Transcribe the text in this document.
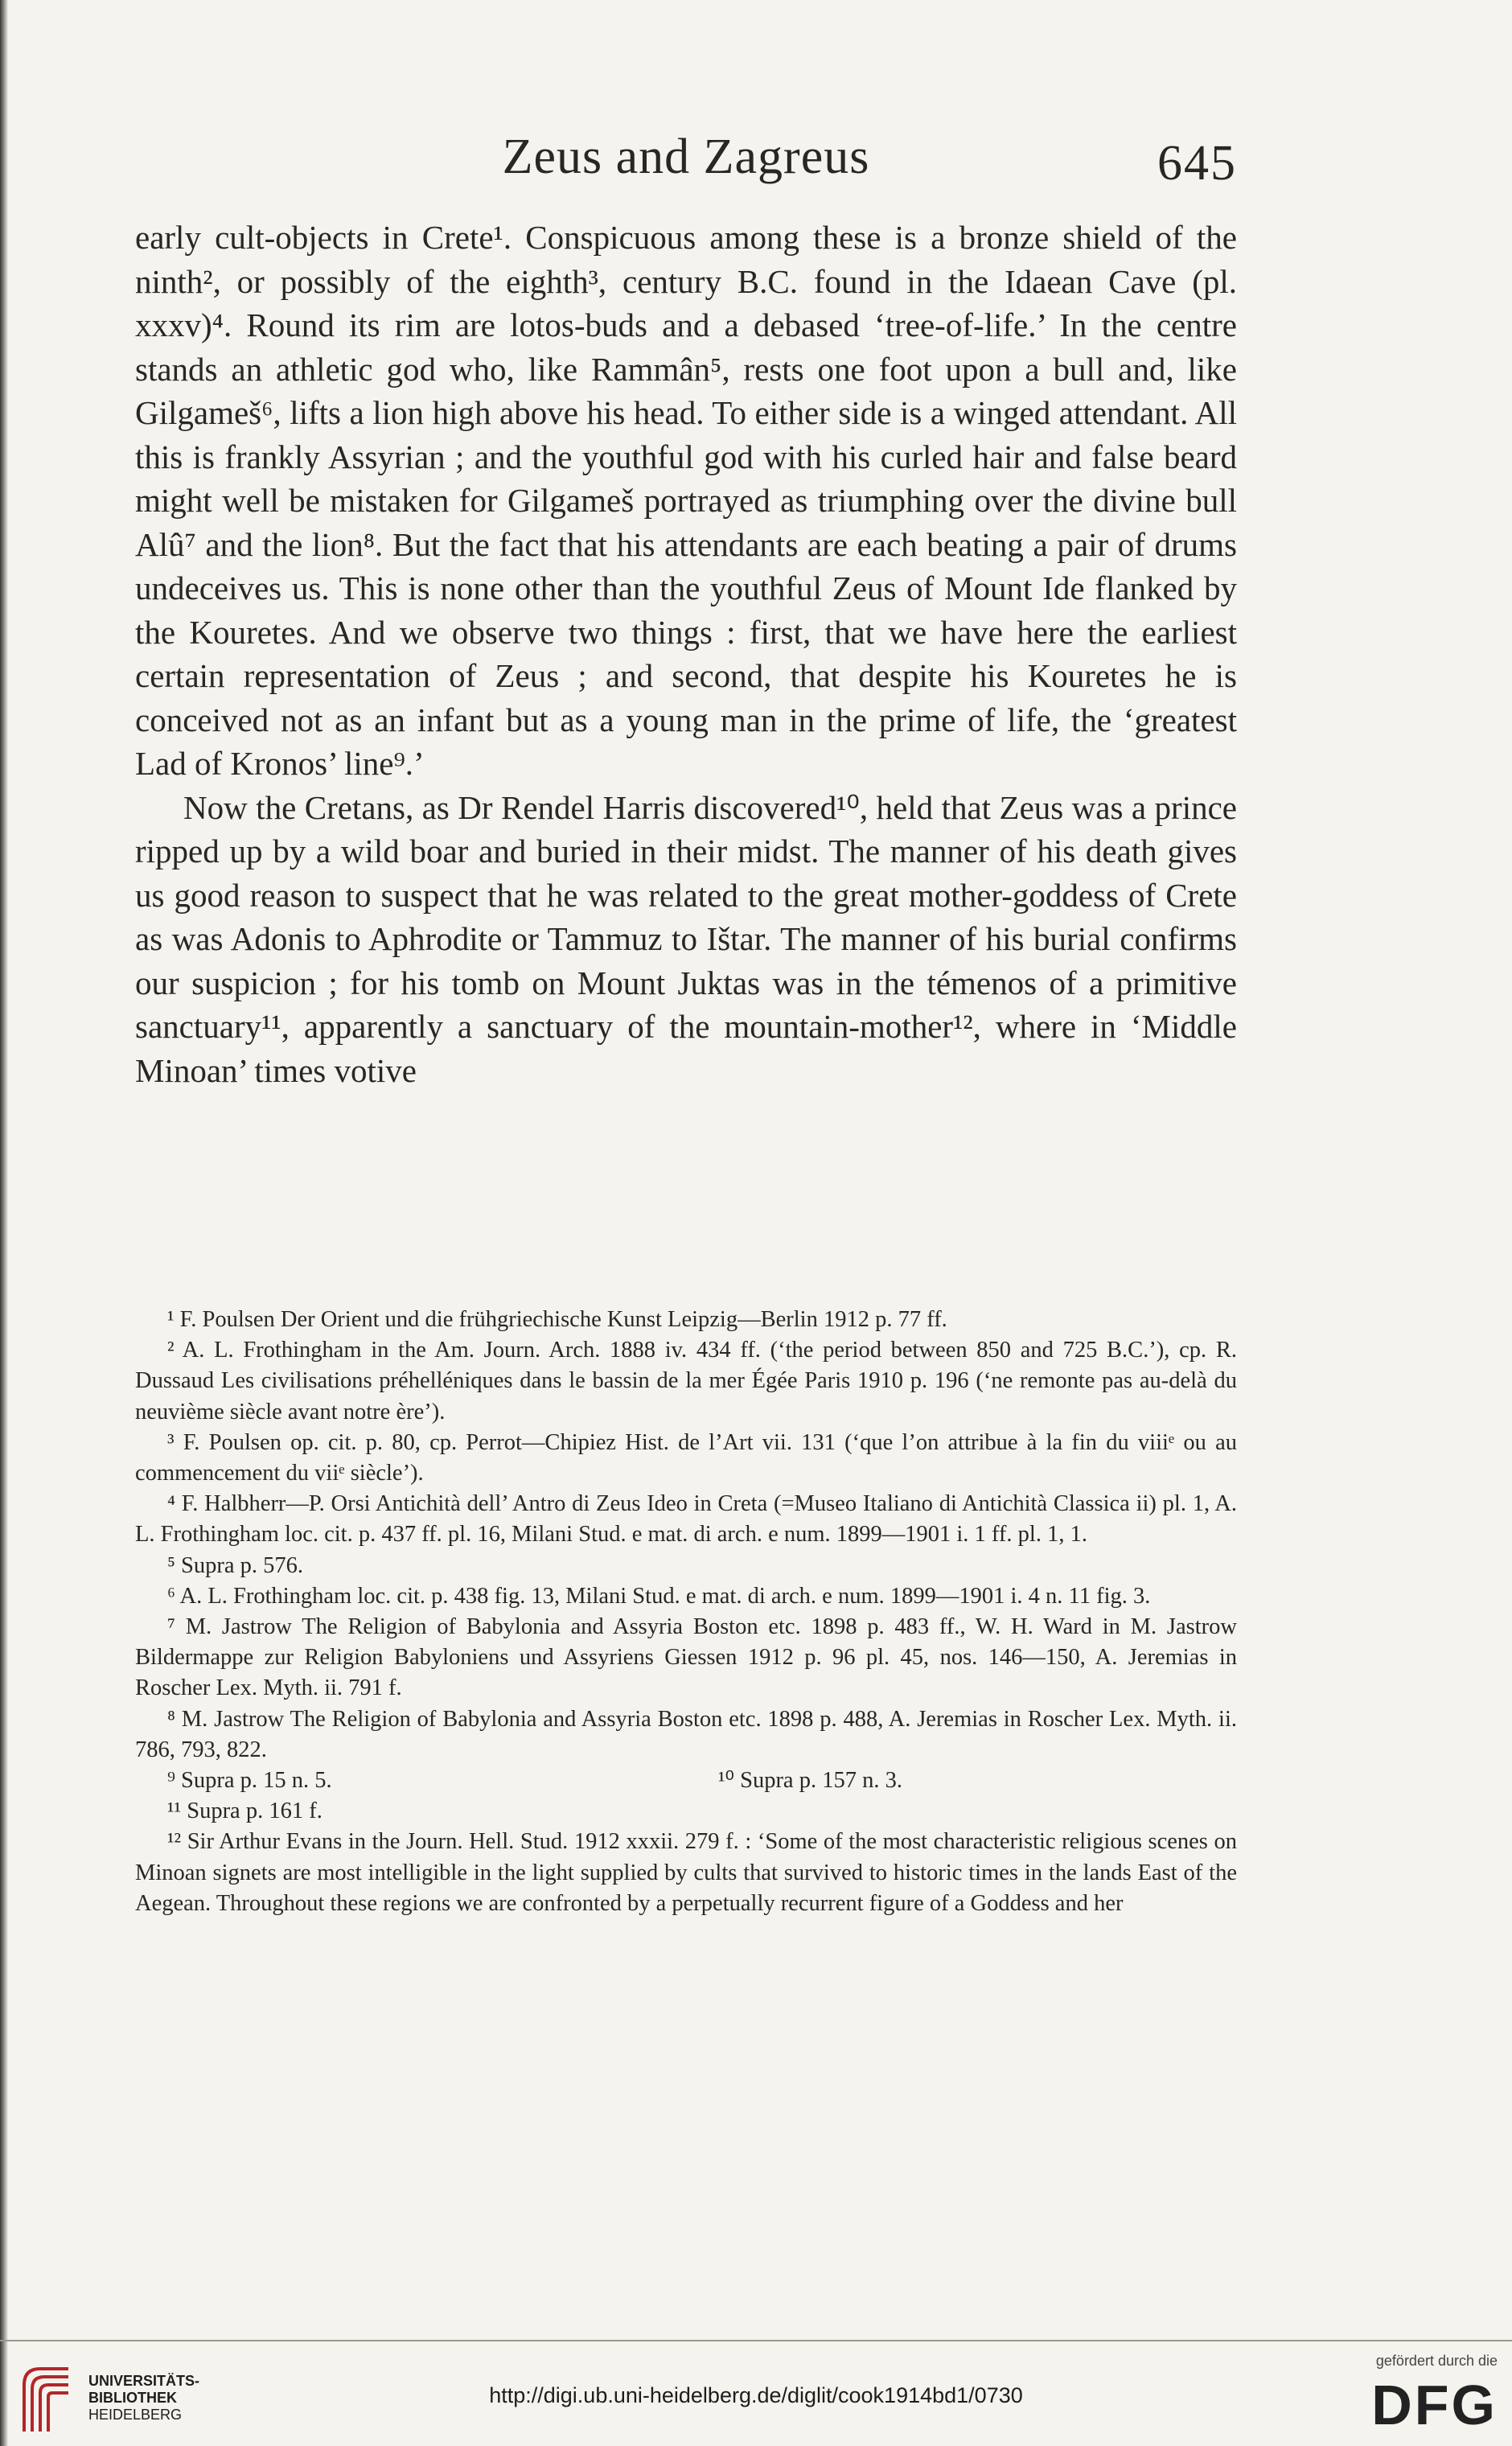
Zeus and Zagreus	645

early cult-objects in Crete¹. Conspicuous among these is a bronze shield of the ninth², or possibly of the eighth³, century B.C. found in the Idaean Cave (pl. xxxv)⁴. Round its rim are lotos-buds and a debased ‘tree-of-life.’ In the centre stands an athletic god who, like Rammân⁵, rests one foot upon a bull and, like Gilgameš⁶, lifts a lion high above his head. To either side is a winged attendant. All this is frankly Assyrian ; and the youthful god with his curled hair and false beard might well be mistaken for Gilgameš portrayed as triumphing over the divine bull Alû⁷ and the lion⁸. But the fact that his attendants are each beating a pair of drums undeceives us. This is none other than the youthful Zeus of Mount Ide flanked by the Kouretes. And we observe two things : first, that we have here the earliest certain representation of Zeus ; and second, that despite his Kouretes he is conceived not as an infant but as a young man in the prime of life, the ‘greatest Lad of Kronos’ line⁹.’

Now the Cretans, as Dr Rendel Harris discovered¹⁰, held that Zeus was a prince ripped up by a wild boar and buried in their midst. The manner of his death gives us good reason to suspect that he was related to the great mother-goddess of Crete as was Adonis to Aphrodite or Tammuz to Ištar. The manner of his burial confirms our suspicion ; for his tomb on Mount Juktas was in the témenos of a primitive sanctuary¹¹, apparently a sanctuary of the mountain-mother¹², where in ‘Middle Minoan’ times votive

¹ F. Poulsen Der Orient und die frühgriechische Kunst Leipzig—Berlin 1912 p. 77 ff.

² A. L. Frothingham in the Am. Journ. Arch. 1888 iv. 434 ff. (‘the period between 850 and 725 B.C.’), cp. R. Dussaud Les civilisations préhelléniques dans le bassin de la mer Égée Paris 1910 p. 196 (‘ne remonte pas au-delà du neuvième siècle avant notre ère’).

³ F. Poulsen op. cit. p. 80, cp. Perrot—Chipiez Hist. de l’Art vii. 131 (‘que l’on attribue à la fin du viiiᵉ ou au commencement du viiᵉ siècle’).

⁴ F. Halbherr—P. Orsi Antichità dell’ Antro di Zeus Ideo in Creta (=Museo Italiano di Antichità Classica ii) pl. 1, A. L. Frothingham loc. cit. p. 437 ff. pl. 16, Milani Stud. e mat. di arch. e num. 1899—1901 i. 1 ff. pl. 1, 1.

⁵ Supra p. 576.

⁶ A. L. Frothingham loc. cit. p. 438 fig. 13, Milani Stud. e mat. di arch. e num. 1899—1901 i. 4 n. 11 fig. 3.

⁷ M. Jastrow The Religion of Babylonia and Assyria Boston etc. 1898 p. 483 ff., W. H. Ward in M. Jastrow Bildermappe zur Religion Babyloniens und Assyriens Giessen 1912 p. 96 pl. 45, nos. 146—150, A. Jeremias in Roscher Lex. Myth. ii. 791 f.

⁸ M. Jastrow The Religion of Babylonia and Assyria Boston etc. 1898 p. 488, A. Jeremias in Roscher Lex. Myth. ii. 786, 793, 822.

⁹ Supra p. 15 n. 5.	¹⁰ Supra p. 157 n. 3.

¹¹ Supra p. 161 f.

¹² Sir Arthur Evans in the Journ. Hell. Stud. 1912 xxxii. 279 f. : ‘Some of the most characteristic religious scenes on Minoan signets are most intelligible in the light supplied by cults that survived to historic times in the lands East of the Aegean. Throughout these regions we are confronted by a perpetually recurrent figure of a Goddess and her

UNIVERSITÄTS-
BIBLIOTHEK
HEIDELBERG
http://digi.ub.uni-heidelberg.de/diglit/cook1914bd1/0730
gefördert durch die
DFG
